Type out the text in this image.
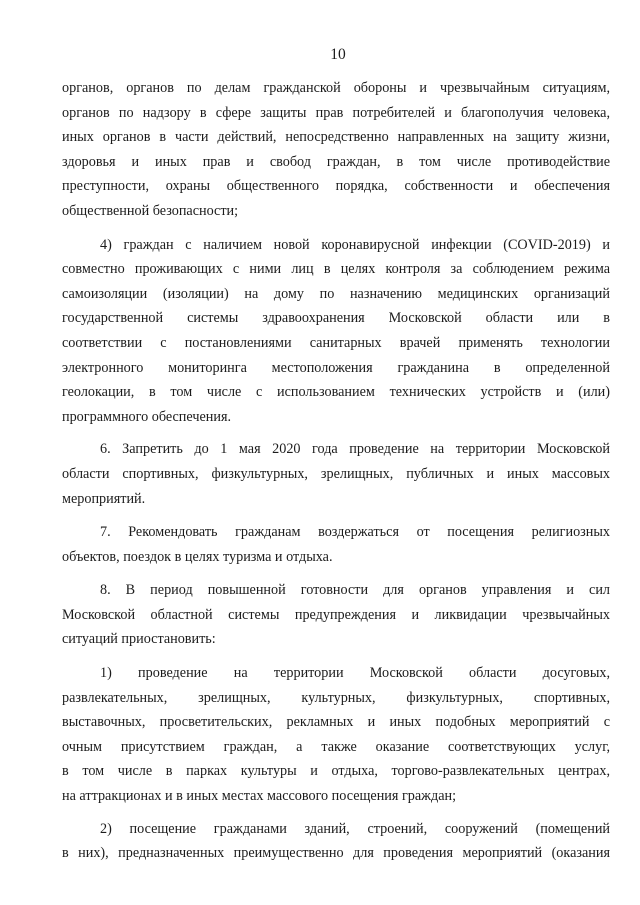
10

органов, органов по делам гражданской обороны и чрезвычайным ситуациям,

органов по надзору в сфере защиты прав потребителей и благополучия человека,

иных органов в части действий, непосредственно направленных на защиту жизни,

здоровья и иных прав и свобод граждан, в том числе противодействие

преступности, охраны общественного порядка, собственности и обеспечения

общественной безопасности;

4) граждан с наличием новой коронавирусной инфекции (COVID-2019) и

совместно проживающих с ними лиц в целях контроля за соблюдением режима

самоизоляции (изоляции) на дому по назначению медицинских организаций

государственной системы здравоохранения Московской области или в

соответствии с постановлениями санитарных врачей применять технологии

электронного мониторинга местоположения гражданина в определенной

геолокации, в том числе с использованием технических устройств и (или)

программного обеспечения.

6. Запретить до 1 мая 2020 года проведение на территории Московской

области спортивных, физкультурных, зрелищных, публичных и иных массовых

мероприятий.

7. Рекомендовать гражданам воздержаться от посещения религиозных

объектов, поездок в целях туризма и отдыха.

8. В период повышенной готовности для органов управления и сил

Московской областной системы предупреждения и ликвидации чрезвычайных

ситуаций приостановить:

1) проведение на территории Московской области досуговых,

развлекательных, зрелищных, культурных, физкультурных, спортивных,

выставочных, просветительских, рекламных и иных подобных мероприятий с

очным присутствием граждан, а также оказание соответствующих услуг,

в том числе в парках культуры и отдыха, торгово-развлекательных центрах,

на аттракционах и в иных местах массового посещения граждан;

2) посещение гражданами зданий, строений, сооружений (помещений

в них), предназначенных преимущественно для проведения мероприятий (оказания
